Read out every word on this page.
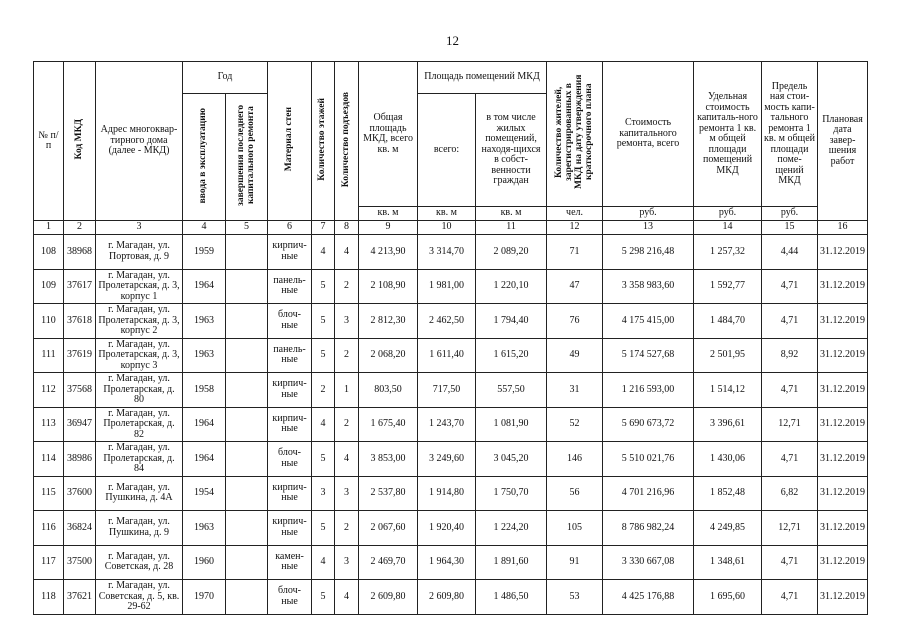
12
№ п/п	Код МКД	Адрес многоквар-тирного дома (далее - МКД)	Год		Материал стен	Количество этажей	Количество подъездов	Общая площадь МКД, всего кв. м	Площадь помещений МКД		Количество жителей, зарегистрированных в МКД на дату утверждения краткосрочного плана	Стоимость капитального ремонта, всего	Удельная стоимость капиталь-ного ремонта 1 кв. м общей площади помещений МКД	Предель ная стои-мость капи-тального ремонта 1 кв. м общей площади поме-щений МКД	Плановая дата завер-шения работ
			ввода в эксплуатацию	завершения последнего капитального ремонта					всего:	в том числе жилых помещений, находя-щихся в собст-венности граждан					
								кв. м	кв. м	кв. м	чел.	руб.	руб.	руб.	
1	2	3	4	5	6	7	8	9	10	11	12	13	14	15	16
108	38968	г. Магадан, ул. Портовая, д. 9	1959		кирпич-ные	4	4	4 213,90	3 314,70	2 089,20	71	5 298 216,48	1 257,32	4,44	31.12.2019
109	37617	г. Магадан, ул. Пролетарская, д. 3, корпус 1	1964		панель-ные	5	2	2 108,90	1 981,00	1 220,10	47	3 358 983,60	1 592,77	4,71	31.12.2019
110	37618	г. Магадан, ул. Пролетарская, д. 3, корпус 2	1963		блоч-ные	5	3	2 812,30	2 462,50	1 794,40	76	4 175 415,00	1 484,70	4,71	31.12.2019
111	37619	г. Магадан, ул. Пролетарская, д. 3, корпус 3	1963		панель-ные	5	2	2 068,20	1 611,40	1 615,20	49	5 174 527,68	2 501,95	8,92	31.12.2019
112	37568	г. Магадан, ул. Пролетарская, д. 80	1958		кирпич-ные	2	1	803,50	717,50	557,50	31	1 216 593,00	1 514,12	4,71	31.12.2019
113	36947	г. Магадан, ул. Пролетарская, д. 82	1964		кирпич-ные	4	2	1 675,40	1 243,70	1 081,90	52	5 690 673,72	3 396,61	12,71	31.12.2019
114	38986	г. Магадан, ул. Пролетарская, д. 84	1964		блоч-ные	5	4	3 853,00	3 249,60	3 045,20	146	5 510 021,76	1 430,06	4,71	31.12.2019
115	37600	г. Магадан, ул. Пушкина, д. 4А	1954		кирпич-ные	3	3	2 537,80	1 914,80	1 750,70	56	4 701 216,96	1 852,48	6,82	31.12.2019
116	36824	г. Магадан, ул. Пушкина, д. 9	1963		кирпич-ные	5	2	2 067,60	1 920,40	1 224,20	105	8 786 982,24	4 249,85	12,71	31.12.2019
117	37500	г. Магадан, ул. Советская, д. 28	1960		камен-ные	4	3	2 469,70	1 964,30	1 891,60	91	3 330 667,08	1 348,61	4,71	31.12.2019
118	37621	г. Магадан, ул. Советская, д. 5, кв. 29-62	1970		блоч-ные	5	4	2 609,80	2 609,80	1 486,50	53	4 425 176,88	1 695,60	4,71	31.12.2019
